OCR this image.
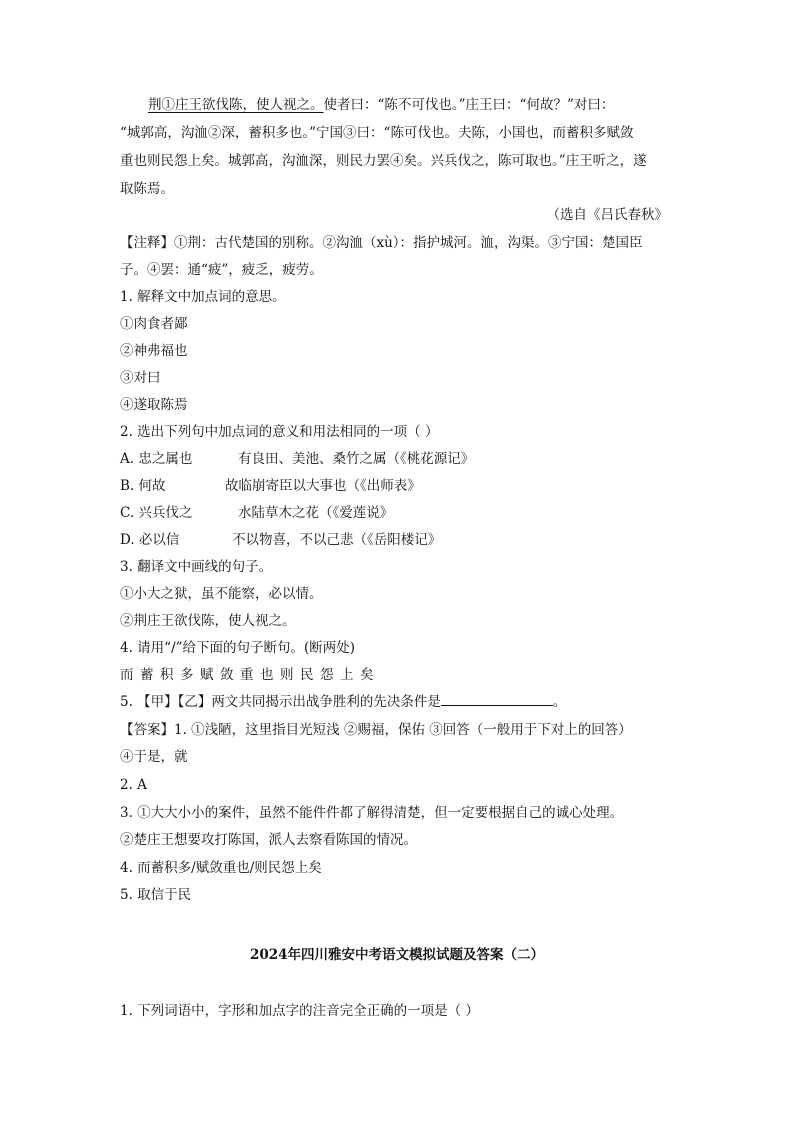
荆①庄王欲伐陈，使人视之。使者曰：“陈不可伐也。”庄王曰：“何故？”对曰：
“城郭高，沟洫②深，蓄积多也。”宁国③曰：“陈可伐也。夫陈，小国也，而蓄积多赋敛
重也则民怨上矣。城郭高，沟洫深，则民力罢④矣。兴兵伐之，陈可取也。”庄王听之，遂
取陈焉。
（选自《吕氏春秋》
【注释】①荆：古代楚国的别称。②沟洫（xù）：指护城河。洫，沟渠。③宁国：楚国臣
子。④罢：通“疲”，疲乏，疲劳。
1. 解释文中加点词的意思。
①肉食者鄙
②神弗福也
③对曰
④遂取陈焉
2. 选出下列句中加点词的意义和用法相同的一项（ ）
A. 忠之属也	有良田、美池、桑竹之属（《桃花源记》
B. 何故	故临崩寄臣以大事也（《出师表》
C. 兴兵伐之	水陆草木之花（《爱莲说》
D. 必以信	不以物喜，不以己悲（《岳阳楼记》
3. 翻译文中画线的句子。
①小大之狱，虽不能察，必以情。
②荆庄王欲伐陈，使人视之。
4. 请用“/”给下面的句子断句。(断两处)
而蓄积多赋敛重也则民怨上矣
5. 【甲】【乙】两文共同揭示出战争胜利的先决条件是	。
【答案】1. ①浅陋，这里指目光短浅 ②赐福，保佑 ③回答（一般用于下对上的回答）
④于是，就
2. A
3. ①大大小小的案件，虽然不能件件都了解得清楚，但一定要根据自己的诚心处理。
②楚庄王想要攻打陈国，派人去察看陈国的情况。
4. 而蓄积多/赋敛重也/则民怨上矣
5. 取信于民
2024年四川雅安中考语文模拟试题及答案（二）
1. 下列词语中，字形和加点字的注音完全正确的一项是（ ）
